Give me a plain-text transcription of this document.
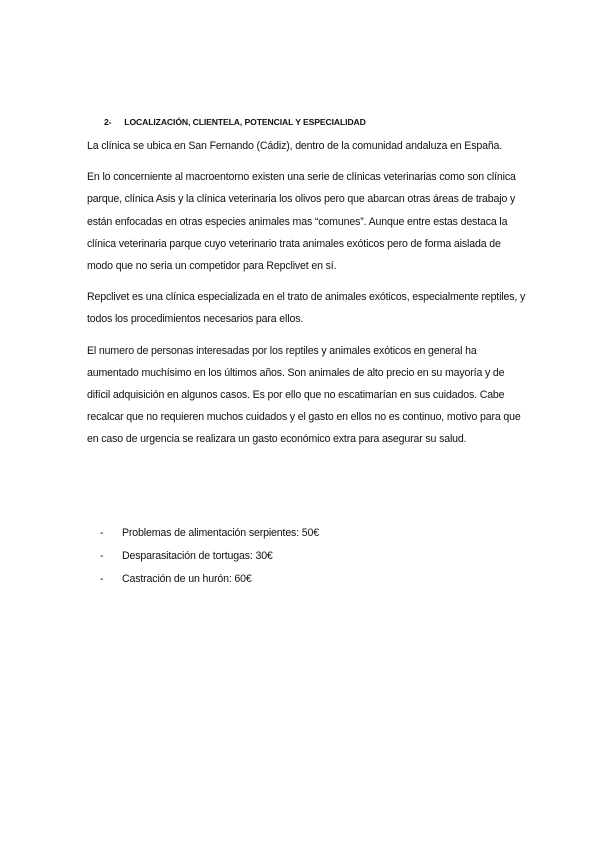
2- LOCALIZACIÓN, CLIENTELA, POTENCIAL Y ESPECIALIDAD

La clínica se ubica en San Fernando (Cádiz), dentro de la comunidad andaluza en España.

En lo concerniente al macroentorno existen una serie de clínicas veterinarias como son clínica parque, clínica Asis y la clínica veterinaria los olivos pero que abarcan otras áreas de trabajo y están enfocadas en otras especies animales mas “comunes”. Aunque entre estas destaca la clínica veterinaria parque cuyo veterinario trata animales exóticos pero de forma aislada de modo que no seria un competidor para Repclivet en sí.

Repclivet es una clínica especializada en el trato de animales exóticos, especialmente reptiles, y todos los procedimientos necesarios para ellos.

El numero de personas interesadas por los reptiles y animales exóticos en general ha aumentado muchísimo en los últimos años. Son animales de alto precio en su mayoría y de difícil adquisición en algunos casos. Es por ello que no escatimarían en sus cuidados. Cabe recalcar que no requieren muchos cuidados y el gasto en ellos no es continuo, motivo para que en caso de urgencia se realizara un gasto económico extra para asegurar su salud.

- Problemas de alimentación serpientes: 50€
- Desparasitación de tortugas: 30€
- Castración de un hurón: 60€
